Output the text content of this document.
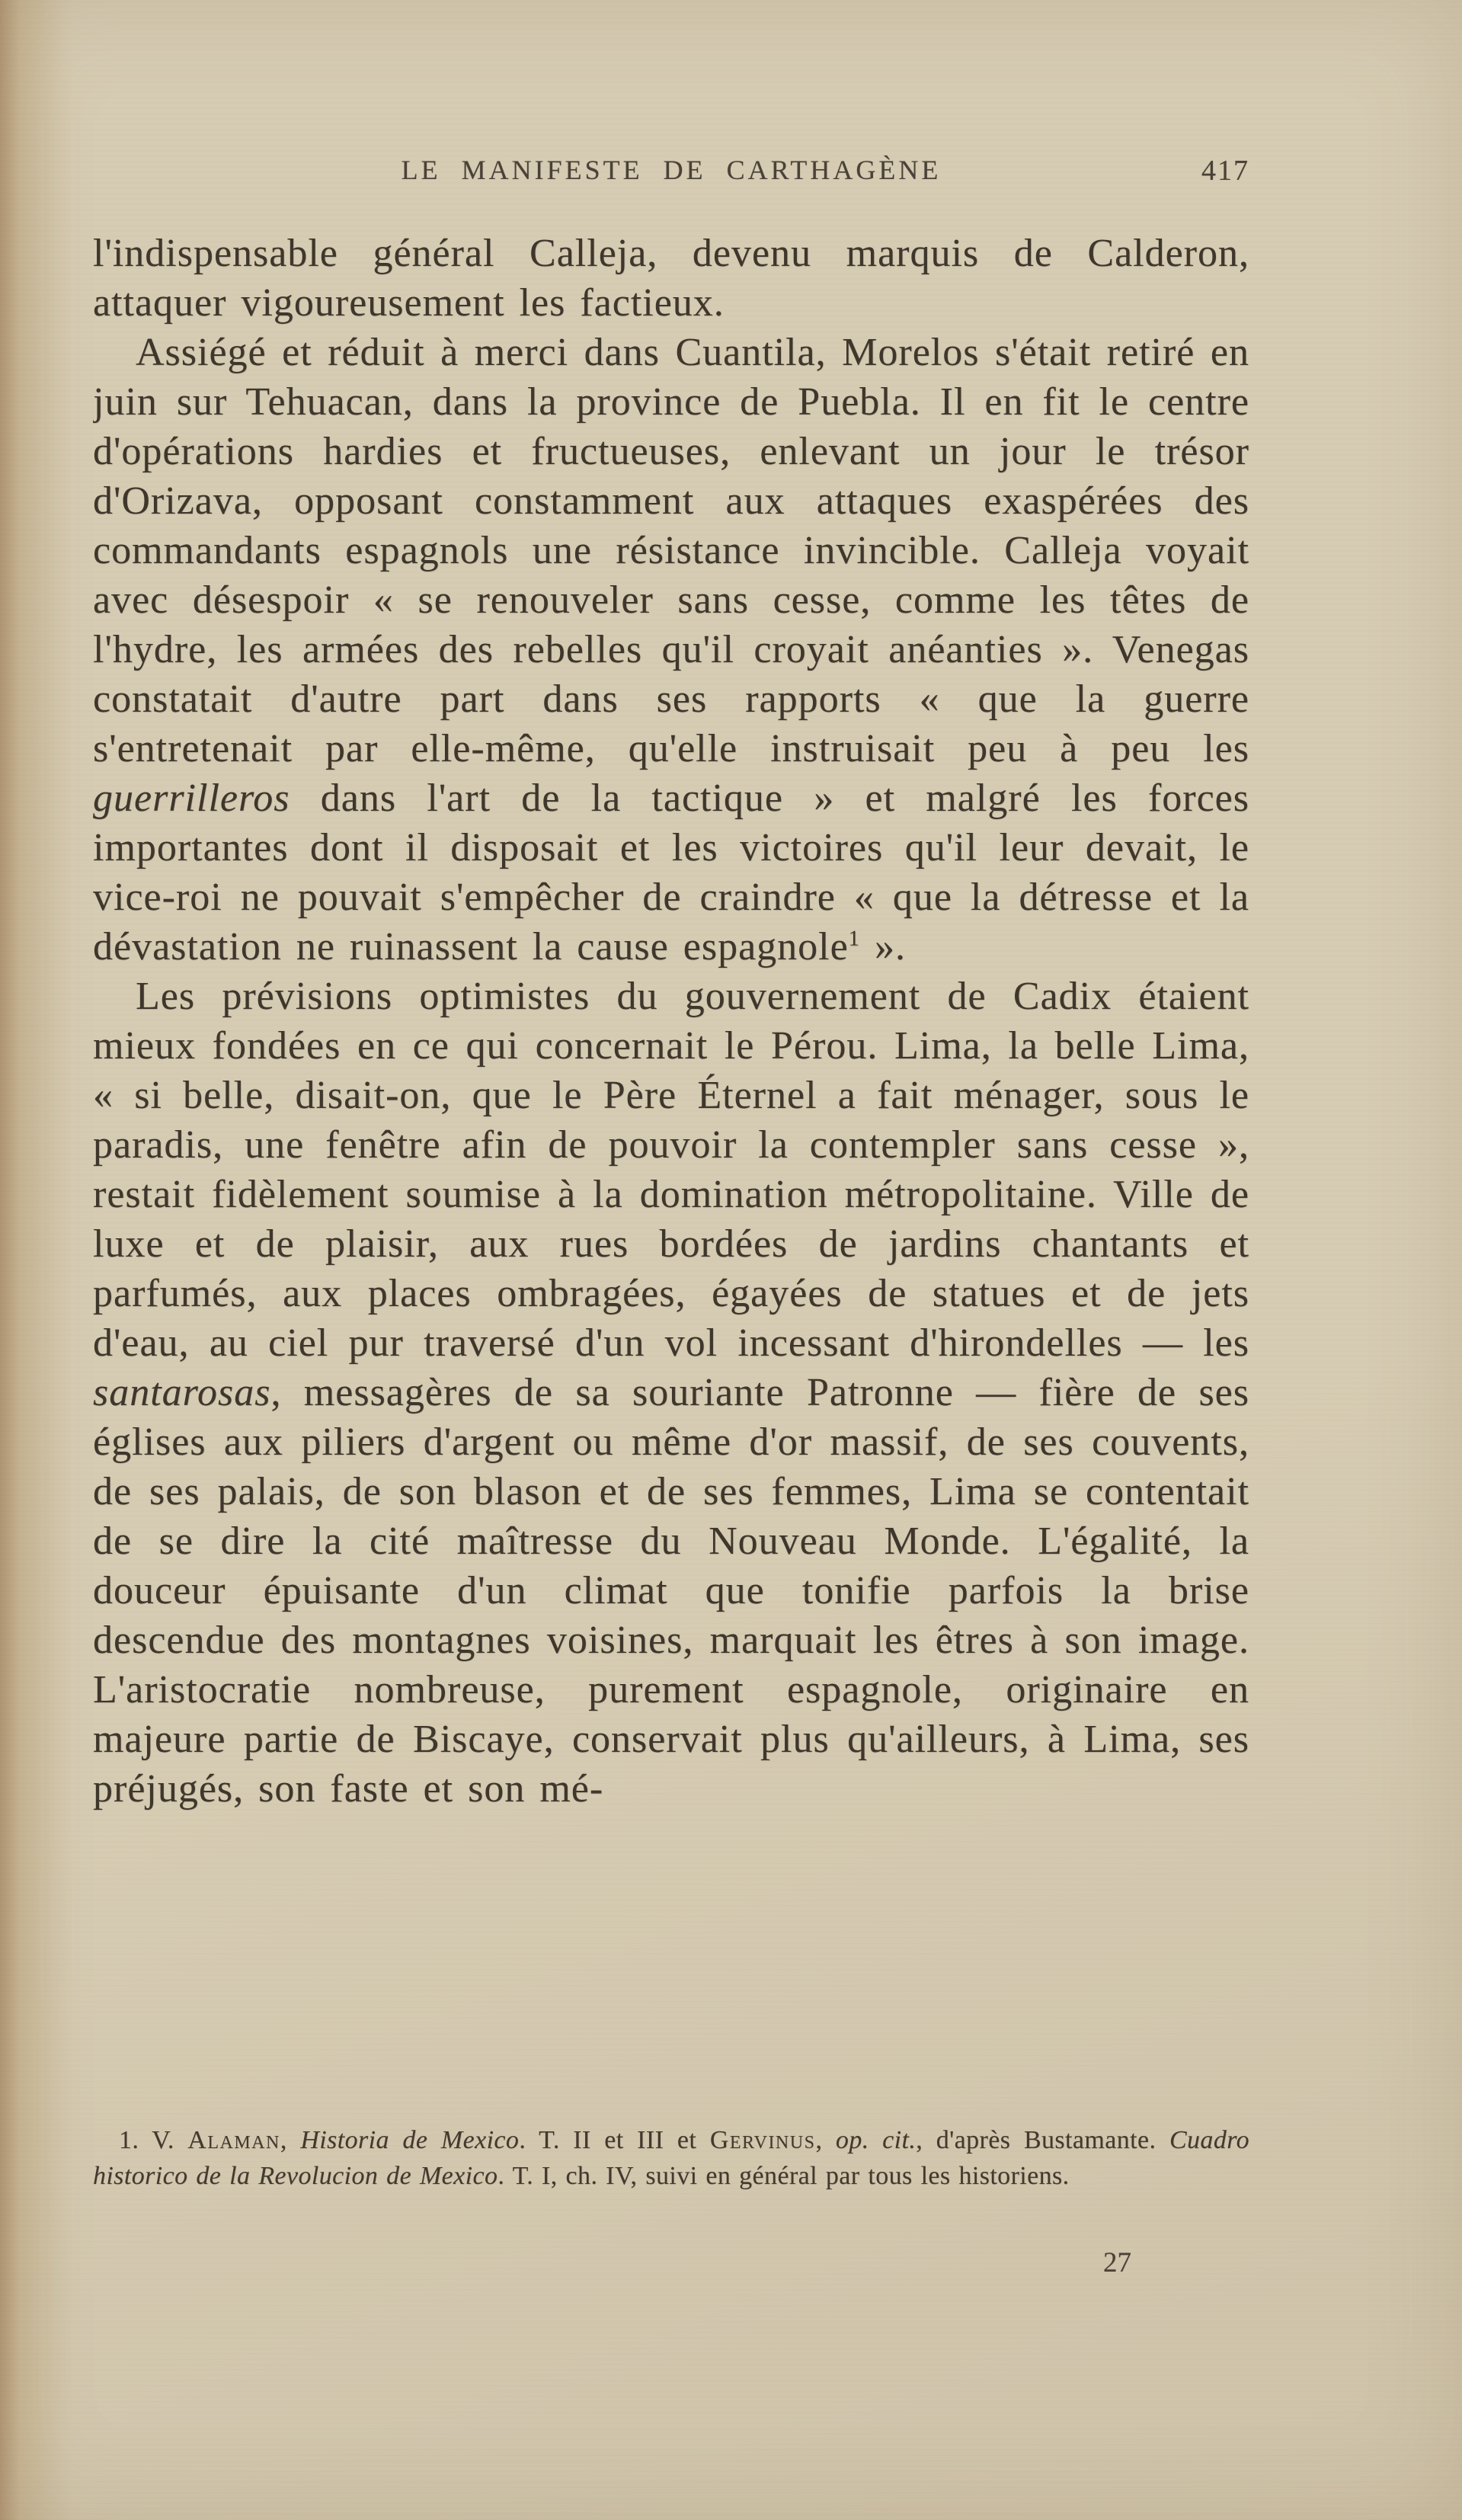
417
LE MANIFESTE DE CARTHAGÈNE

l'indispensable général Calleja, devenu marquis de Calderon, attaquer vigoureusement les factieux.

Assiégé et réduit à merci dans Cuantila, Morelos s'était retiré en juin sur Tehuacan, dans la province de Puebla. Il en fit le centre d'opérations hardies et fructueuses, enlevant un jour le trésor d'Orizava, opposant constamment aux attaques exaspérées des commandants espagnols une résistance invincible. Calleja voyait avec désespoir « se renouveler sans cesse, comme les têtes de l'hydre, les armées des rebelles qu'il croyait anéanties ». Venegas constatait d'autre part dans ses rapports « que la guerre s'entretenait par elle-même, qu'elle instruisait peu à peu les guerrilleros dans l'art de la tactique » et malgré les forces importantes dont il disposait et les victoires qu'il leur devait, le vice-roi ne pouvait s'empêcher de craindre « que la détresse et la dévastation ne ruinassent la cause espagnole$^1$ ».

Les prévisions optimistes du gouvernement de Cadix étaient mieux fondées en ce qui concernait le Pérou. Lima, la belle Lima, « si belle, disait-on, que le Père Éternel a fait ménager, sous le paradis, une fenêtre afin de pouvoir la contempler sans cesse », restait fidèlement soumise à la domination métropolitaine. Ville de luxe et de plaisir, aux rues bordées de jardins chantants et parfumés, aux places ombragées, égayées de statues et de jets d'eau, au ciel pur traversé d'un vol incessant d'hirondelles — les santarosas, messagères de sa souriante Patronne — fière de ses églises aux piliers d'argent ou même d'or massif, de ses couvents, de ses palais, de son blason et de ses femmes, Lima se contentait de se dire la cité maîtresse du Nouveau Monde. L'égalité, la douceur épuisante d'un climat que tonifie parfois la brise descendue des montagnes voisines, marquait les êtres à son image. L'aristocratie nombreuse, purement espagnole, originaire en majeure partie de Biscaye, conservait plus qu'ailleurs, à Lima, ses préjugés, son faste et son mé-

1. V. Alaman, Historia de Mexico. T. II et III et Gervinus, op. cit., d'après Bustamante. Cuadro historico de la Revolucion de Mexico. T. I, ch. IV, suivi en général par tous les historiens.
27
